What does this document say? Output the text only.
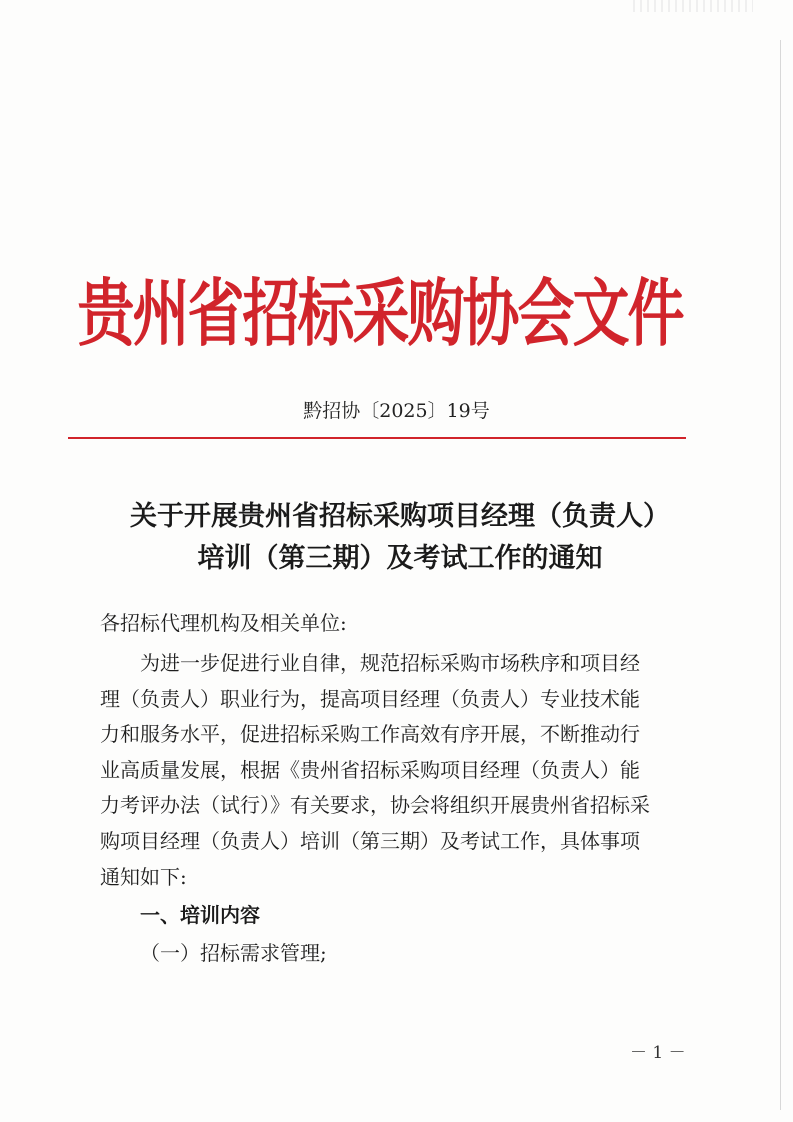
贵州省招标采购协会文件
黔招协〔2025〕19号
关于开展贵州省招标采购项目经理（负责人）
培训（第三期）及考试工作的通知
各招标代理机构及相关单位:
为进一步促进行业自律，规范招标采购市场秩序和项目经
理（负责人）职业行为，提高项目经理（负责人）专业技术能
力和服务水平，促进招标采购工作高效有序开展，不断推动行
业高质量发展，根据《贵州省招标采购项目经理（负责人）能
力考评办法（试行）》有关要求，协会将组织开展贵州省招标采
购项目经理（负责人）培训（第三期）及考试工作，具体事项
通知如下:
一、培训内容
（一）招标需求管理;
－ 1 －
